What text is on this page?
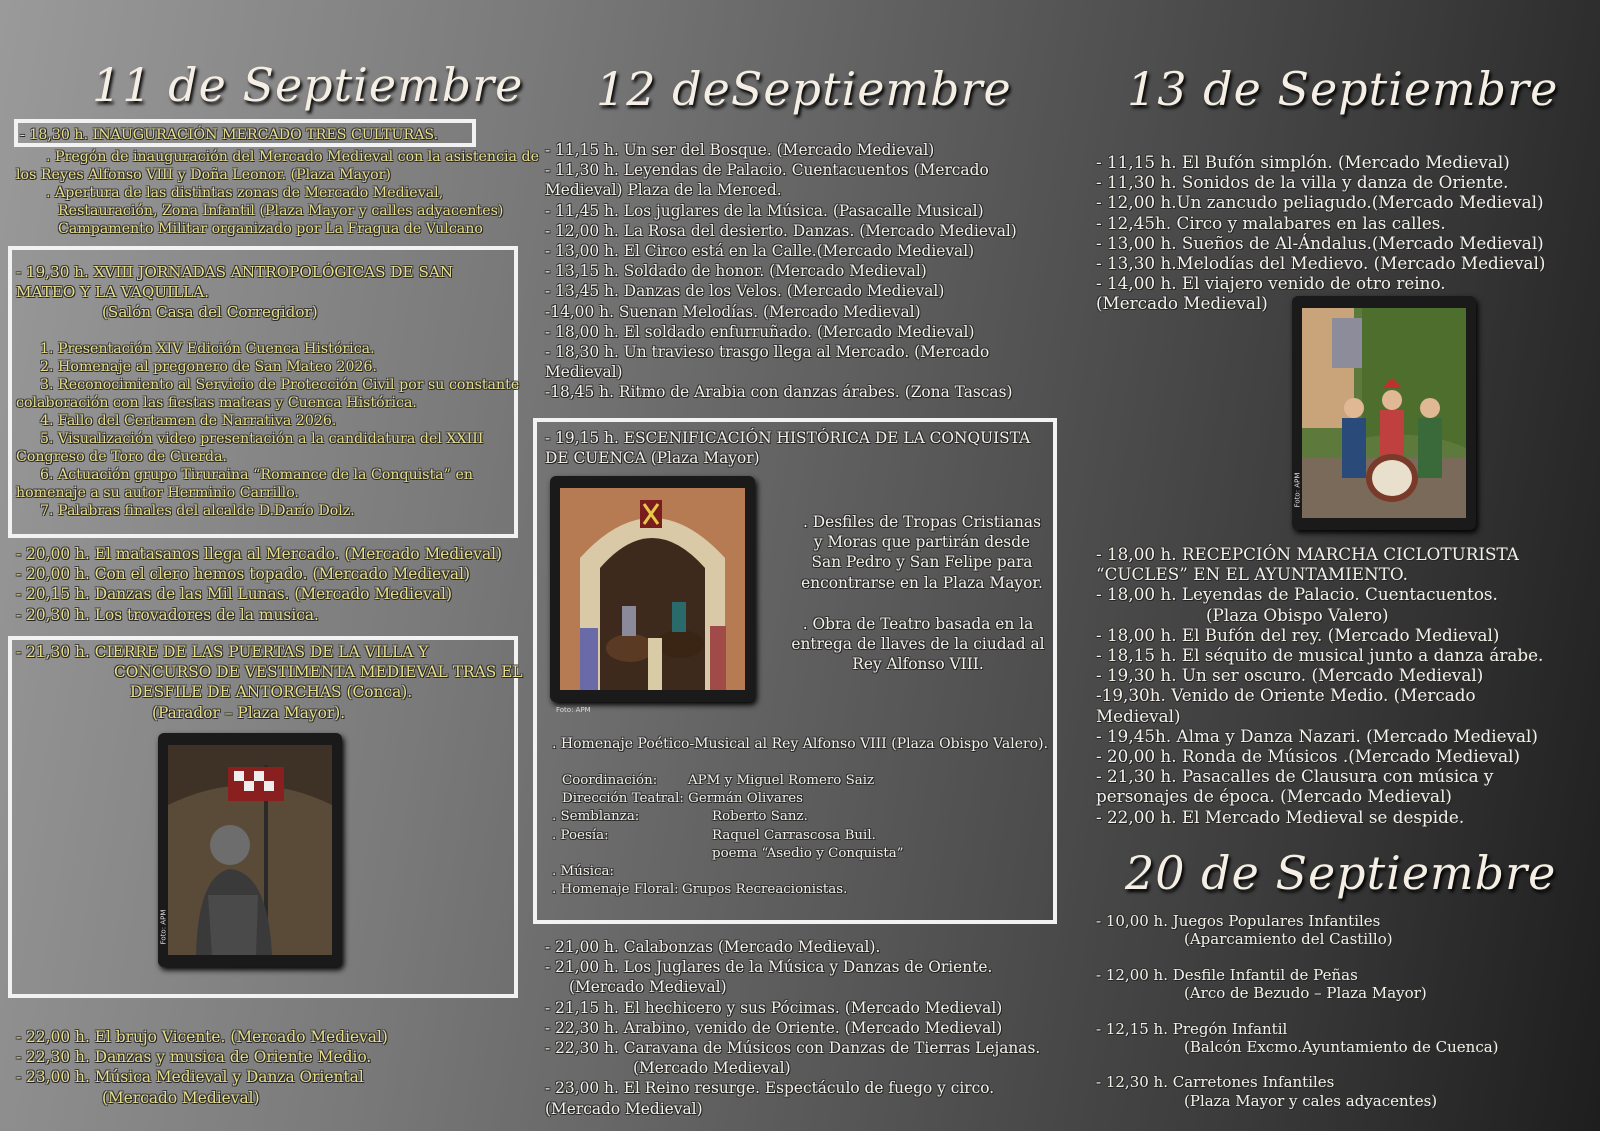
11 de Septiembre
- 18,30 h. INAUGURACIÓN MERCADO TRES CULTURAS.
. Pregón de inauguración del Mercado Medieval con la asistencia de
los Reyes Alfonso VIII y Doña Leonor. (Plaza Mayor)
. Apertura de las distintas zonas de Mercado Medieval,
Restauración, Zona Infantil (Plaza Mayor y calles adyacentes)
Campamento Militar organizado por La Fragua de Vulcano
- 19,30 h. XVIII JORNADAS ANTROPOLÓGICAS DE SAN
MATEO Y LA VAQUILLA.
(Salón Casa del Corregidor)
1. Presentación XIV Edición Cuenca Histórica.
2. Homenaje al pregonero de San Mateo 2026.
3. Reconocimiento al Servicio de Protección Civil por su constante
colaboración con las fiestas mateas y Cuenca Histórica.
4. Fallo del Certamen de Narrativa 2026.
5. Visualización video presentación a la candidatura del XXIII
Congreso de Toro de Cuerda.
6. Actuación grupo Tiruraina “Romance de la Conquista” en
homenaje a su autor Herminio Carrillo.
7. Palabras finales del alcalde D.Darío Dolz.
- 20,00 h. El matasanos llega al Mercado. (Mercado Medieval)
- 20,00 h. Con el clero hemos topado. (Mercado Medieval)
- 20,15 h. Danzas de las Mil Lunas. (Mercado Medieval)
- 20,30 h. Los trovadores de la musica.
- 21,30 h. CIERRE DE LAS PUERTAS DE LA VILLA Y
CONCURSO DE VESTIMENTA MEDIEVAL TRAS EL
DESFILE DE ANTORCHAS (Conca).
(Parador – Plaza Mayor).
Foto: APM
- 22,00 h. El brujo Vicente. (Mercado Medieval)
- 22,30 h. Danzas y musica de Oriente Medio.
- 23,00 h. Música Medieval y Danza Oriental
(Mercado Medieval)
12 deSeptiembre
- 11,15 h. Un ser del Bosque. (Mercado Medieval)
- 11,30 h. Leyendas de Palacio. Cuentacuentos (Mercado
Medieval) Plaza de la Merced.
- 11,45 h. Los juglares de la Música. (Pasacalle Musical)
- 12,00 h. La Rosa del desierto. Danzas. (Mercado Medieval)
- 13,00 h. El Circo está en la Calle.(Mercado Medieval)
- 13,15 h. Soldado de honor. (Mercado Medieval)
- 13,45 h. Danzas de los Velos. (Mercado Medieval)
-14,00 h. Suenan Melodías. (Mercado Medieval)
- 18,00 h. El soldado enfurruñado. (Mercado Medieval)
- 18,30 h. Un travieso trasgo llega al Mercado. (Mercado
Medieval)
-18,45 h. Ritmo de Arabia con danzas árabes. (Zona Tascas)
- 19,15 h. ESCENIFICACIÓN HISTÓRICA DE LA CONQUISTA
DE CUENCA (Plaza Mayor)
Foto: APM
. Desfiles de Tropas Cristianas
y Moras que partirán desde
San Pedro y San Felipe para
encontrarse en la Plaza Mayor.
. Obra de Teatro basada en la
entrega de llaves de la ciudad al
Rey Alfonso VIII.
. Homenaje Poético-Musical al Rey Alfonso VIII (Plaza Obispo Valero).
Coordinación: APM y Miguel Romero Saiz
Dirección Teatral: Germán Olivares
. Semblanza:	Roberto Sanz.
. Poesía:	Raquel Carrascosa Buil.
poema “Asedio y Conquista”
. Música:
. Homenaje Floral: Grupos Recreacionistas.
- 21,00 h. Calabonzas (Mercado Medieval).
- 21,00 h. Los Juglares de la Música y Danzas de Oriente.
(Mercado Medieval)
- 21,15 h. El hechicero y sus Pócimas. (Mercado Medieval)
- 22,30 h. Arabino, venido de Oriente. (Mercado Medieval)
- 22,30 h. Caravana de Músicos con Danzas de Tierras Lejanas.
(Mercado Medieval)
- 23,00 h. El Reino resurge. Espectáculo de fuego y circo.
(Mercado Medieval)
13 de Septiembre
- 11,15 h. El Bufón simplón. (Mercado Medieval)
- 11,30 h. Sonidos de la villa y danza de Oriente.
- 12,00 h.Un zancudo peliagudo.(Mercado Medieval)
- 12,45h. Circo y malabares en las calles.
- 13,00 h. Sueños de Al-Ándalus.(Mercado Medieval)
- 13,30 h.Melodías del Medievo. (Mercado Medieval)
- 14,00 h. El viajero venido de otro reino.
(Mercado Medieval)
Foto: APM
- 18,00 h. RECEPCIÓN MARCHA CICLOTURISTA
“CUCLES” EN EL AYUNTAMIENTO.
- 18,00 h. Leyendas de Palacio. Cuentacuentos.
(Plaza Obispo Valero)
- 18,00 h. El Bufón del rey. (Mercado Medieval)
- 18,15 h. El séquito de musical junto a danza árabe.
- 19,30 h. Un ser oscuro. (Mercado Medieval)
-19,30h. Venido de Oriente Medio. (Mercado
Medieval)
- 19,45h. Alma y Danza Nazari. (Mercado Medieval)
- 20,00 h. Ronda de Músicos .(Mercado Medieval)
- 21,30 h. Pasacalles de Clausura con música y
personajes de época. (Mercado Medieval)
- 22,00 h. El Mercado Medieval se despide.
20 de Septiembre
- 10,00 h. Juegos Populares Infantiles
(Aparcamiento del Castillo)
- 12,00 h. Desfile Infantil de Peñas
(Arco de Bezudo – Plaza Mayor)
- 12,15 h. Pregón Infantil
(Balcón Excmo.Ayuntamiento de Cuenca)
- 12,30 h. Carretones Infantiles
(Plaza Mayor y cales adyacentes)
